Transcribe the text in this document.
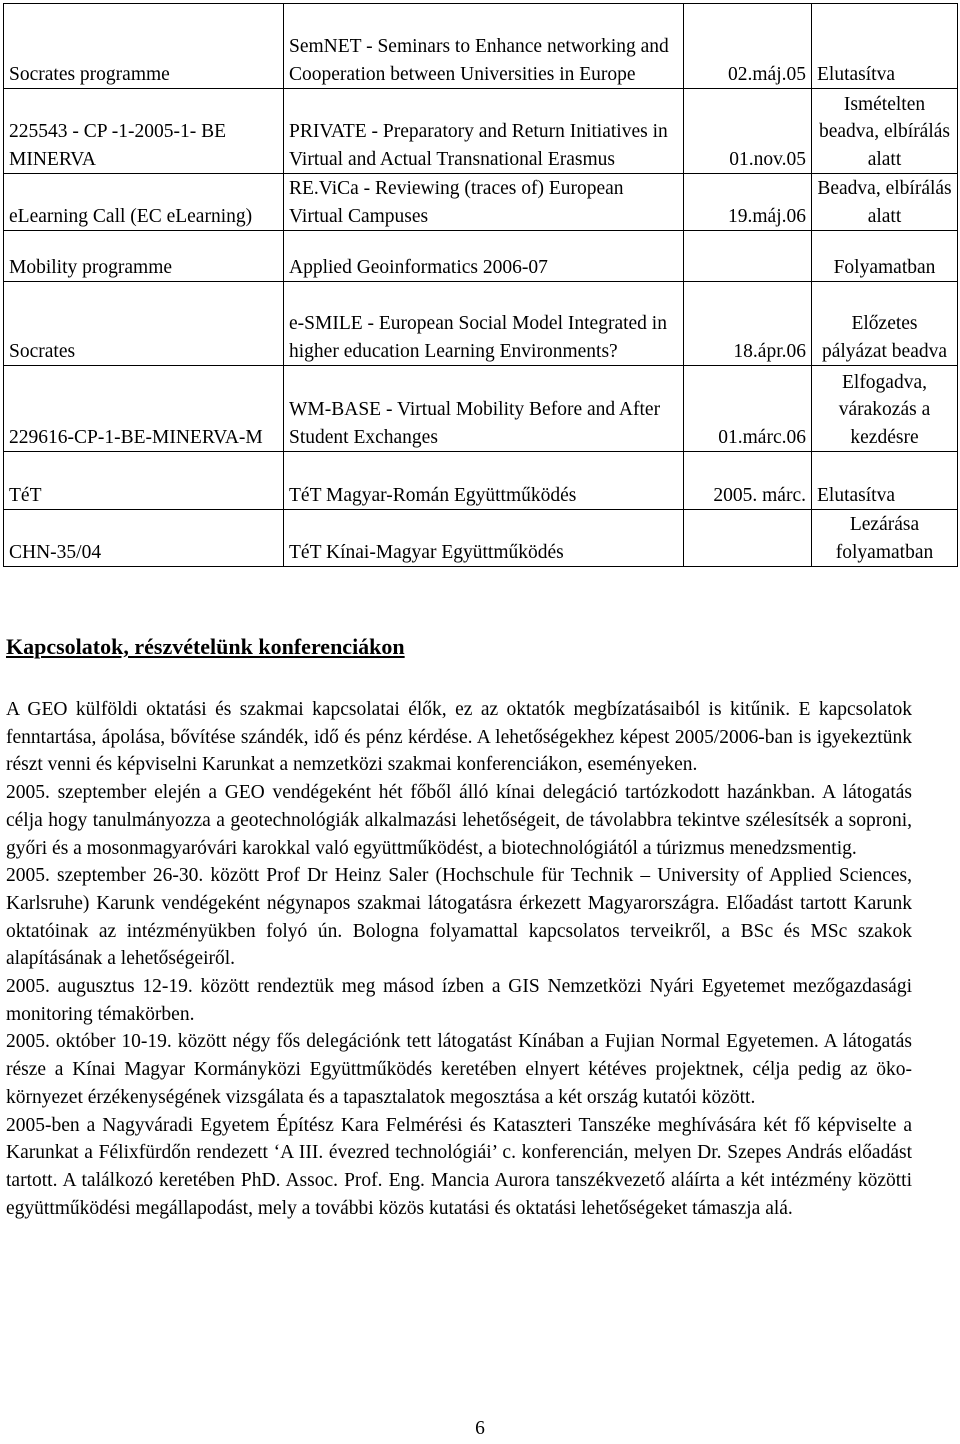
Socrates programme	SemNET - Seminars to Enhance networking and Cooperation between Universities in Europe	02.máj.05	Elutasítva
225543 - CP -1-2005-1- BE MINERVA	PRIVATE - Preparatory and Return Initiatives in Virtual and Actual Transnational Erasmus	01.nov.05	Ismételten beadva, elbírálás alatt
eLearning Call (EC eLearning)	RE.ViCa - Reviewing (traces of) European Virtual Campuses	19.máj.06	Beadva, elbírálás alatt
Mobility programme	Applied Geoinformatics 2006-07		Folyamatban
Socrates	e-SMILE - European Social Model Integrated in higher education Learning Environments?	18.ápr.06	Előzetes pályázat beadva
229616-CP-1-BE-MINERVA-M	WM-BASE - Virtual Mobility Before and After Student Exchanges	01.márc.06	Elfogadva, várakozás a kezdésre
TéT	TéT Magyar-Román Együttműködés	2005. márc.	Elutasítva
CHN-35/04	TéT Kínai-Magyar Együttműködés		Lezárása folyamatban
Kapcsolatok, részvételünk konferenciákon

A GEO külföldi oktatási és szakmai kapcsolatai élők, ez az oktatók megbízatásaiból is kitűnik. E kapcsolatok fenntartása, ápolása, bővítése szándék, idő és pénz kérdése. A lehetőségekhez képest 2005/2006-ban is igyekeztünk részt venni és képviselni Karunkat a nemzetközi szakmai konferenciákon, eseményeken.

2005. szeptember elején a GEO vendégeként hét főből álló kínai delegáció tartózkodott hazánkban. A látogatás célja hogy tanulmányozza a geotechnológiák alkalmazási lehetőségeit, de távolabbra tekintve szélesítsék a soproni, győri és a mosonmagyaróvári karokkal való együttműködést, a biotechnológiától a túrizmus menedzsmentig.

2005. szeptember 26-30. között Prof Dr Heinz Saler (Hochschule für Technik – University of Applied Sciences, Karlsruhe) Karunk vendégeként négynapos szakmai látogatásra érkezett Magyarországra. Előadást tartott Karunk oktatóinak az intézményükben folyó ún. Bologna folyamattal kapcsolatos terveikről, a BSc és MSc szakok alapításának a lehetőségeiről.

2005. augusztus 12-19. között rendeztük meg másod ízben a GIS Nemzetközi Nyári Egyetemet mezőgazdasági monitoring témakörben.

2005. október 10-19. között négy fős delegációnk tett látogatást Kínában a Fujian Normal Egyetemen. A látogatás része a Kínai Magyar Kormányközi Együttműködés keretében elnyert kétéves projektnek, célja pedig az öko-környezet érzékenységének vizsgálata és a tapasztalatok megosztása a két ország kutatói között.

2005-ben a Nagyváradi Egyetem Építész Kara Felmérési és Kataszteri Tanszéke meghívására két fő képviselte a Karunkat a Félixfürdőn rendezett ‘A III. évezred technológiái’ c. konferencián, melyen Dr. Szepes András előadást tartott. A találkozó keretében PhD. Assoc. Prof. Eng. Mancia Aurora tanszékvezető aláírta a két intézmény közötti együttműködési megállapodást, mely a további közös kutatási és oktatási lehetőségeket támaszja alá.

6
